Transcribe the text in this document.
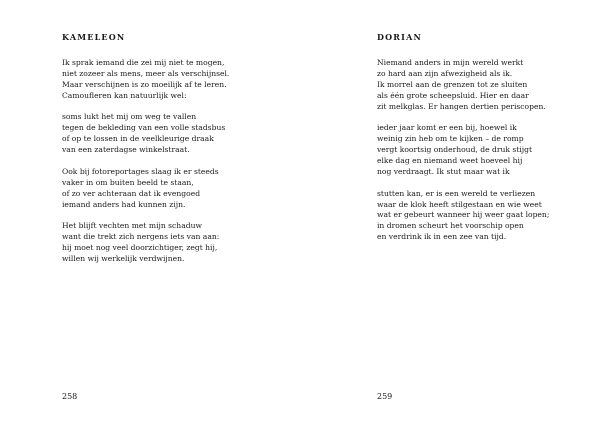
KAMELEON
Ik sprak iemand die zei mij niet te mogen,
niet zozeer als mens, meer als verschijnsel.
Maar verschijnen is zo moeilijk af te leren.
Camoufleren kan natuurlijk wel:
soms lukt het mij om weg te vallen
tegen de bekleding van een volle stadsbus
of op te lossen in de veelkleurige draak
van een zaterdagse winkelstraat.
Ook bij fotoreportages slaag ik er steeds
vaker in om buiten beeld te staan,
of zo ver achteraan dat ik evengoed
iemand anders had kunnen zijn.
Het blijft vechten met mijn schaduw
want die trekt zich nergens iets van aan:
hij moet nog veel doorzichtiger, zegt hij,
willen wij werkelijk verdwijnen.
258
DORIAN
Niemand anders in mijn wereld werkt
zo hard aan zijn afwezigheid als ik.
Ik morrel aan de grenzen tot ze sluiten
als één grote scheepsluid. Hier en daar
zit melkglas. Er hangen dertien periscopen.
ieder jaar komt er een bij, hoewel ik
weinig zin heb om te kijken – de romp
vergt koortsig onderhoud, de druk stijgt
elke dag en niemand weet hoeveel hij
nog verdraagt. Ik stut maar wat ik
stutten kan, er is een wereld te verliezen
waar de klok heeft stilgestaan en wie weet
wat er gebeurt wanneer hij weer gaat lopen;
in dromen scheurt het voorschip open
en verdrink ik in een zee van tijd.
259
